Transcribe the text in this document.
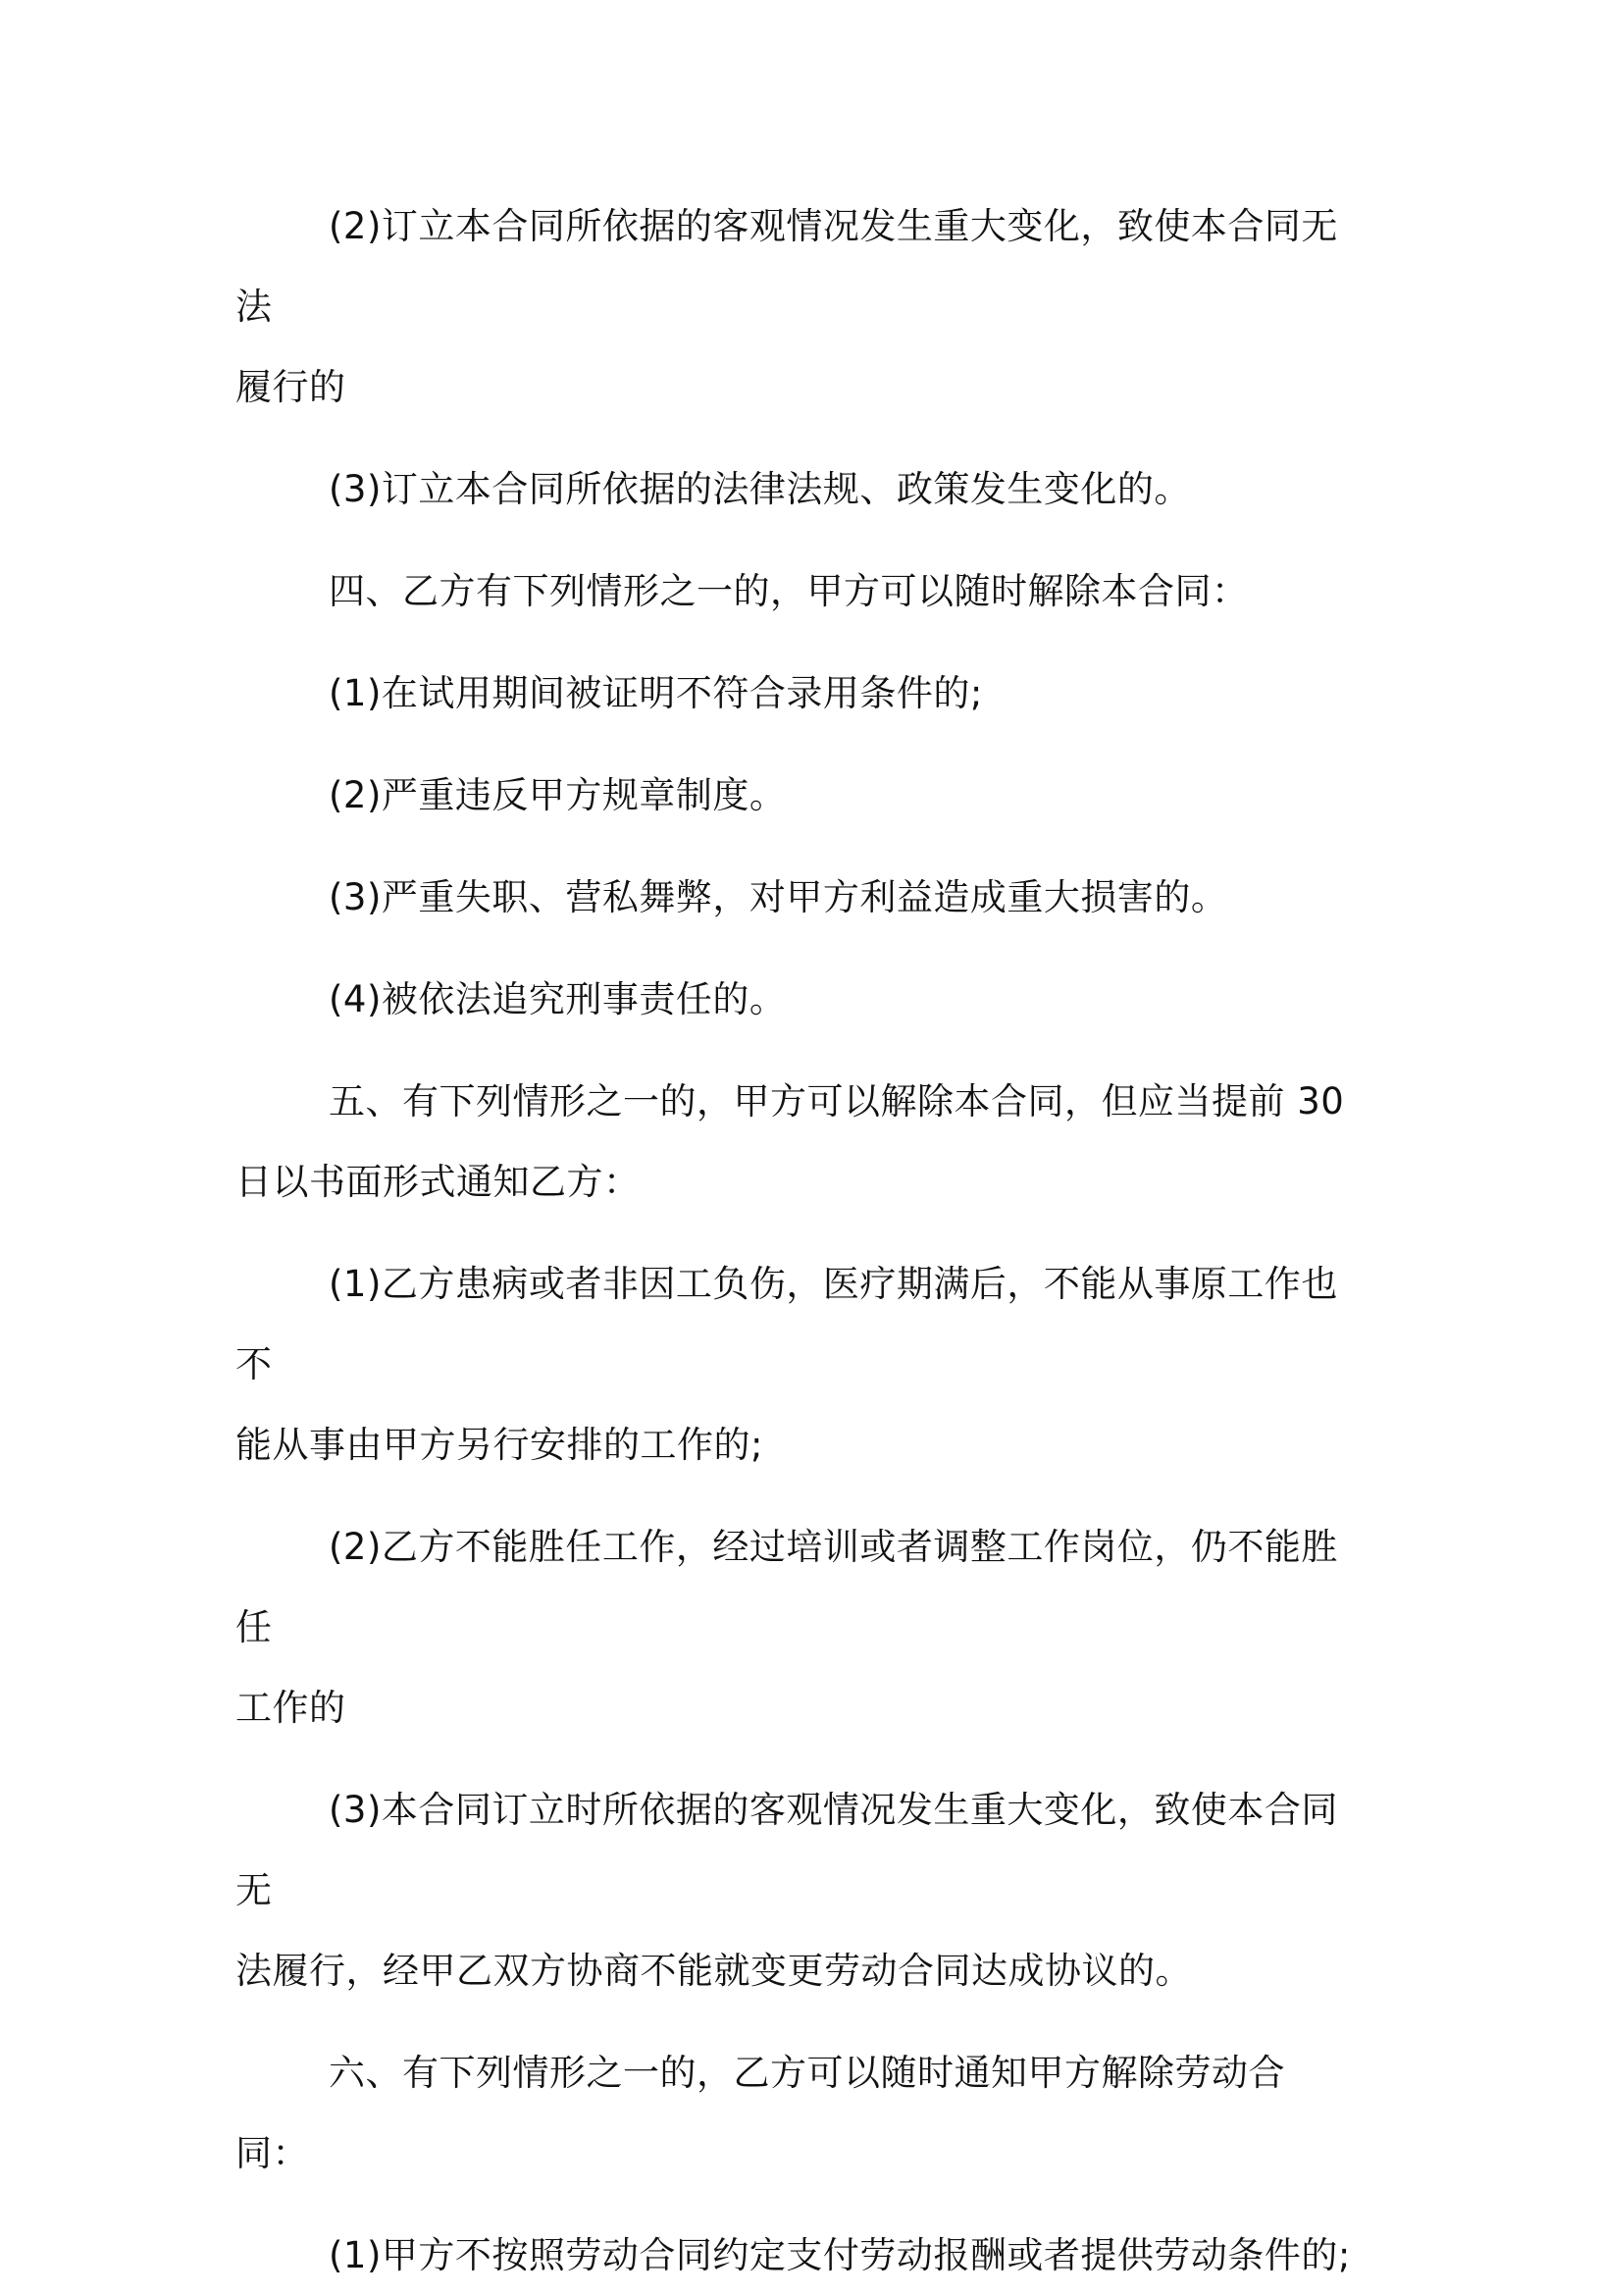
(2)订立本合同所依据的客观情况发生重大变化，致使本合同无法
履行的

(3)订立本合同所依据的法律法规、政策发生变化的。

四、乙方有下列情形之一的，甲方可以随时解除本合同：

(1)在试用期间被证明不符合录用条件的;

(2)严重违反甲方规章制度。

(3)严重失职、营私舞弊，对甲方利益造成重大损害的。

(4)被依法追究刑事责任的。

五、有下列情形之一的，甲方可以解除本合同，但应当提前 30
日以书面形式通知乙方：

(1)乙方患病或者非因工负伤，医疗期满后，不能从事原工作也不
能从事由甲方另行安排的工作的;

(2)乙方不能胜任工作，经过培训或者调整工作岗位，仍不能胜任
工作的

(3)本合同订立时所依据的客观情况发生重大变化，致使本合同无
法履行，经甲乙双方协商不能就变更劳动合同达成协议的。

六、有下列情形之一的，乙方可以随时通知甲方解除劳动合同：

(1)甲方不按照劳动合同约定支付劳动报酬或者提供劳动条件的;
